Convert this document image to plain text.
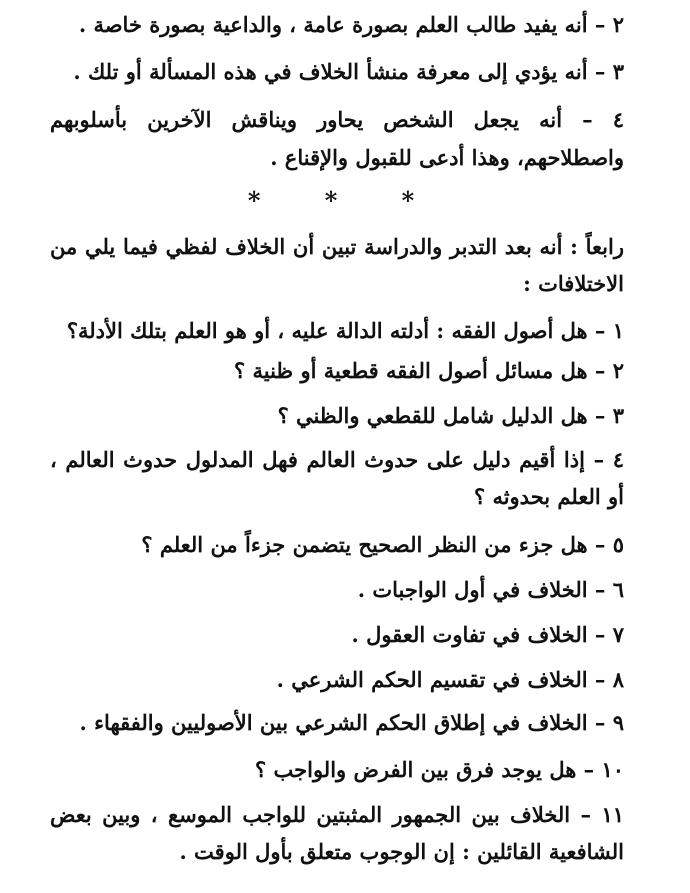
٢ – أنه يفيد طالب العلم بصورة عامة ، والداعية بصورة خاصة .
٣ – أنه يؤدي إلى معرفة منشأ الخلاف في هذه المسألة أو تلك .
٤ – أنه يجعل الشخص يحاور ويناقش الآخرين بأسلوبهم
واصطلاحهم، وهذا أدعى للقبول والإقناع .
* * *
رابعاً : أنه بعد التدبر والدراسة تبين أن الخلاف لفظي فيما يلي من
الاختلافات :
١ – هل أصول الفقه : أدلته الدالة عليه ، أو هو العلم بتلك الأدلة؟
٢ – هل مسائل أصول الفقه قطعية أو ظنية ؟
٣ – هل الدليل شامل للقطعي والظني ؟
٤ – إذا أقيم دليل على حدوث العالم فهل المدلول حدوث العالم ،
أو العلم بحدوثه ؟
٥ – هل جزء من النظر الصحيح يتضمن جزءاً من العلم ؟
٦ – الخلاف في أول الواجبات .
٧ – الخلاف في تفاوت العقول .
٨ – الخلاف في تقسيم الحكم الشرعي .
٩ – الخلاف في إطلاق الحكم الشرعي بين الأصوليين والفقهاء .
١٠ – هل يوجد فرق بين الفرض والواجب ؟
١١ – الخلاف بين الجمهور المثبتين للواجب الموسع ، وبين بعض
الشافعية القائلين : إن الوجوب متعلق بأول الوقت .
